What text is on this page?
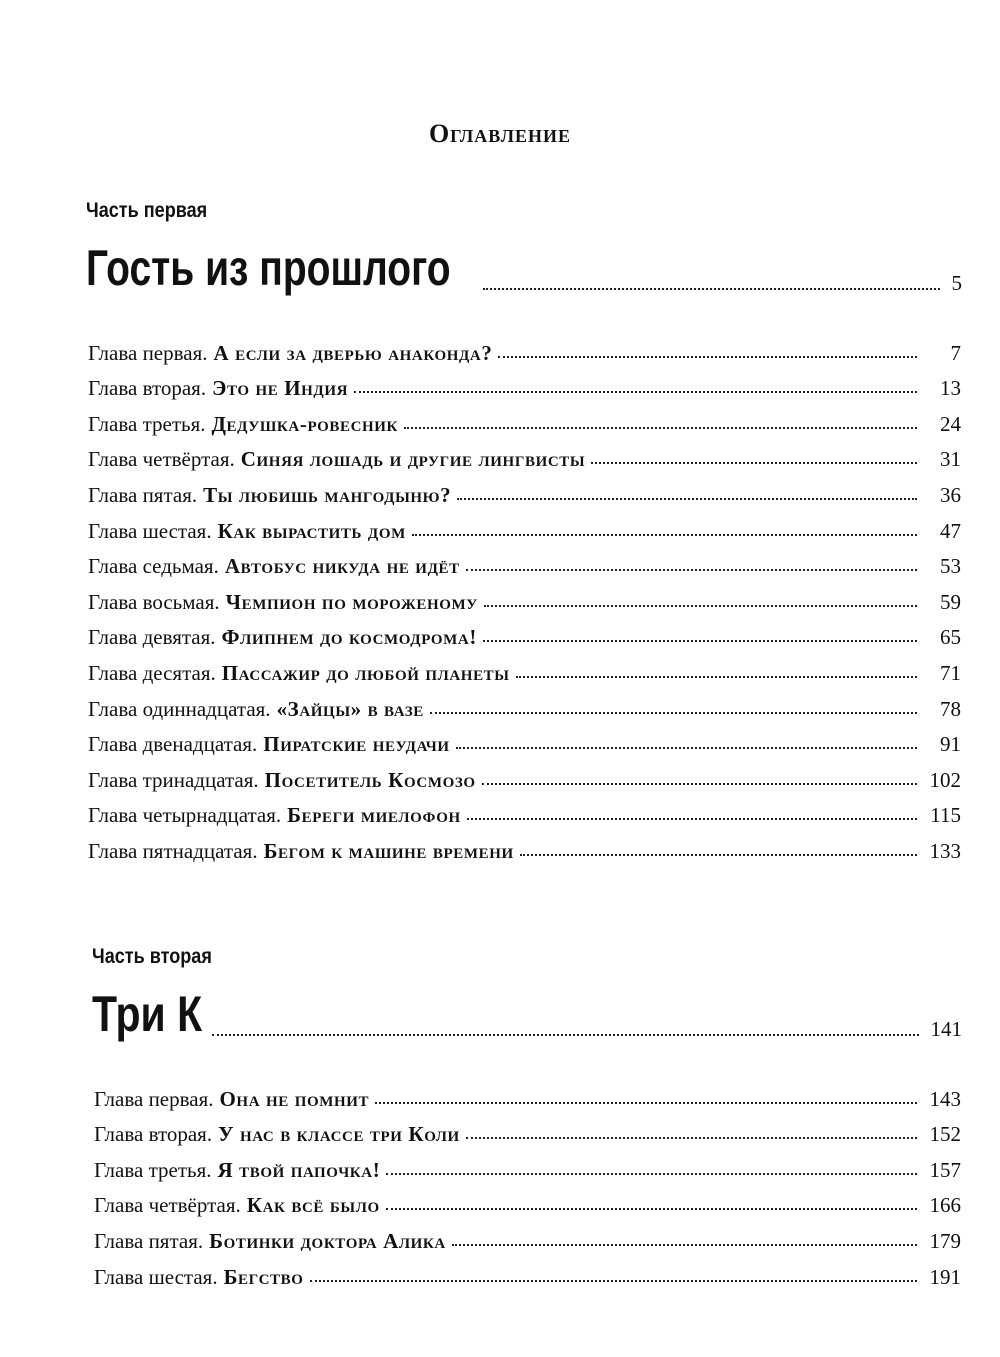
Оглавление
Часть первая
Гость из прошлого	5
Глава первая. А если за дверью анаконда?	7
Глава вторая. Это не Индия	13
Глава третья. Дедушка-ровесник	24
Глава четвёртая. Синяя лошадь и другие лингвисты	31
Глава пятая. Ты любишь мангодыню?	36
Глава шестая. Как вырастить дом	47
Глава седьмая. Автобус никуда не идёт	53
Глава восьмая. Чемпион по мороженому	59
Глава девятая. Флипнем до космодрома!	65
Глава десятая. Пассажир до любой планеты	71
Глава одиннадцатая. «Зайцы» в вазе	78
Глава двенадцатая. Пиратские неудачи	91
Глава тринадцатая. Посетитель Космозо	102
Глава четырнадцатая. Береги миелофон	115
Глава пятнадцатая. Бегом к машине времени	133
Часть вторая
Три К	141
Глава первая. Она не помнит	143
Глава вторая. У нас в классе три Коли	152
Глава третья. Я твой папочка!	157
Глава четвёртая. Как всё было	166
Глава пятая. Ботинки доктора Алика	179
Глава шестая. Бегство	191
